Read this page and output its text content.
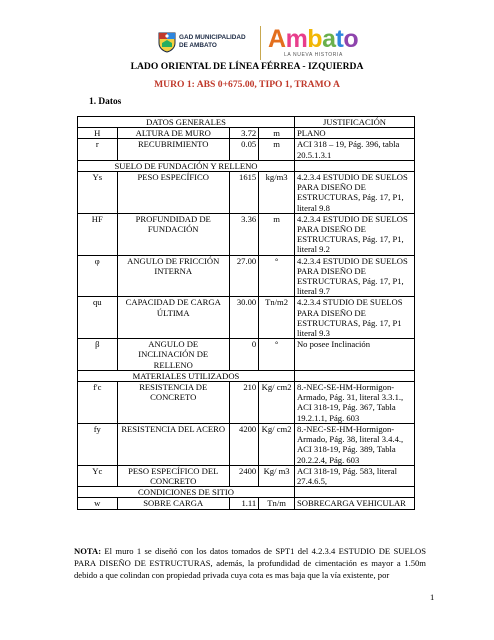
GAD MUNICIPALIDAD
DE AMBATO	Ambato
LA NUEVA HISTORIA
LADO ORIENTAL DE LÍNEA FÉRREA - IZQUIERDA
MURO 1: ABS 0+675.00, TIPO 1, TRAMO A
1. Datos
DATOS GENERALES				JUSTIFICACIÓN
H	ALTURA DE MURO	3.72	m	PLANO
r	RECUBRIMIENTO	0.05	m	ACI 318 – 19, Pág. 396, tabla 20.5.1.3.1
SUELO DE FUNDACIÓN Y RELLENO				
Ys	PESO ESPECÍFICO	1615	kg/m3	4.2.3.4 ESTUDIO DE SUELOS PARA DISEÑO DE ESTRUCTURAS, Pág. 17, P1, literal 9.8
HF	PROFUNDIDAD DE FUNDACIÓN	3.36	m	4.2.3.4 ESTUDIO DE SUELOS PARA DISEÑO DE ESTRUCTURAS, Pág. 17, P1, literal 9.2
φ	ANGULO DE FRICCIÓN INTERNA	27.00	°	4.2.3.4 ESTUDIO DE SUELOS PARA DISEÑO DE ESTRUCTURAS, Pág. 17, P1, literal 9.7
qu	CAPACIDAD DE CARGA ÚLTIMA	30.00	Tn/m2	4.2.3.4 STUDIO DE SUELOS PARA DISEÑO DE ESTRUCTURAS, Pág. 17, P1 literal 9.3
β	ANGULO DE INCLINACIÓN DE RELLENO	0	°	No posee Inclinación
MATERIALES UTILIZADOS				
f'c	RESISTENCIA DE CONCRETO	210	Kg/ cm2	8.-NEC-SE-HM-Hormigon-Armado, Pág. 31, literal 3.3.1., ACI 318-19, Pág. 367, Tabla 19.2.1.1, Pág. 603
fy	RESISTENCIA DEL ACERO	4200	Kg/ cm2	8.-NEC-SE-HM-Hormigon-Armado, Pág. 38, literal 3.4.4., ACI 318-19, Pág. 389, Tabla 20.2.2.4, Pág. 603
Yc	PESO ESPECÍFICO DEL CONCRETO	2400	Kg/ m3	ACI 318-19, Pág. 583, literal 27.4.6.5,
CONDICIONES DE SITIO				
w	SOBRE CARGA	1.11	Tn/m	SOBRECARGA VEHICULAR
NOTA: El muro 1 se diseñó con los datos tomados de SPT1 del 4.2.3.4 ESTUDIO DE SUELOS PARA DISEÑO DE ESTRUCTURAS, además, la profundidad de cimentación es mayor a 1.50m debido a que colindan con propiedad privada cuya cota es mas baja que la vía existente, por
1
